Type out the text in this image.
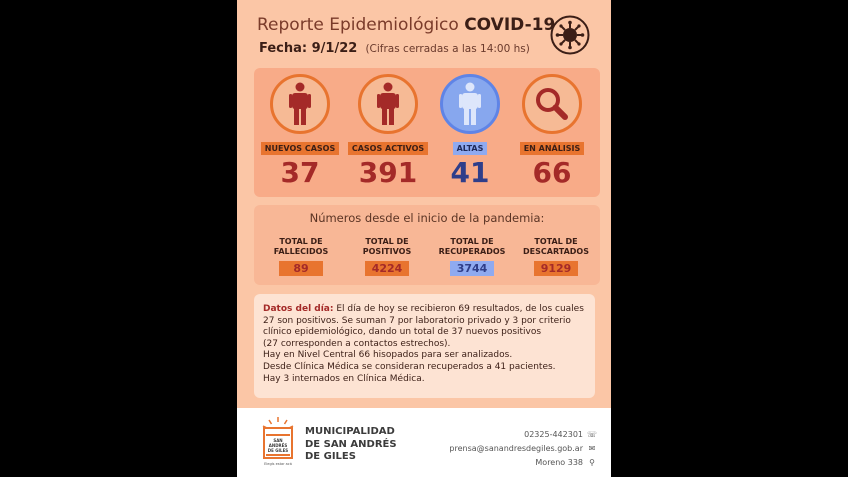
Reporte Epidemiológico COVID-19
Fecha: 9/1/22 (Cifras cerradas a las 14:00 hs)
NUEVOS CASOS
37
CASOS ACTIVOS
391
ALTAS
41
EN ANÁLISIS
66
Números desde el inicio de la pandemia:
TOTAL DE
FALLECIDOS
89
TOTAL DE
POSITIVOS
4224
TOTAL DE
RECUPERADOS
3744
TOTAL DE
DESCARTADOS
9129
Datos del día: El día de hoy se recibieron 69 resultados, de los cuales
27 son positivos. Se suman 7 por laboratorio privado y 3 por criterio
clínico epidemiológico, dando un total de 37 nuevos positivos
(27 corresponden a contactos estrechos).
Hay en Nivel Central 66 hisopados para ser analizados.
Desde Clínica Médica se consideran recuperados a 41 pacientes.
Hay 3 internados en Clínica Médica.
SAN
ANDRÉS
DE GILES
Elegís estar acá
MUNICIPALIDAD
DE SAN ANDRÉS
DE GILES
02325-442301 ☏
prensa@sanandresdegiles.gob.ar ✉
Moreno 338 ⚲
